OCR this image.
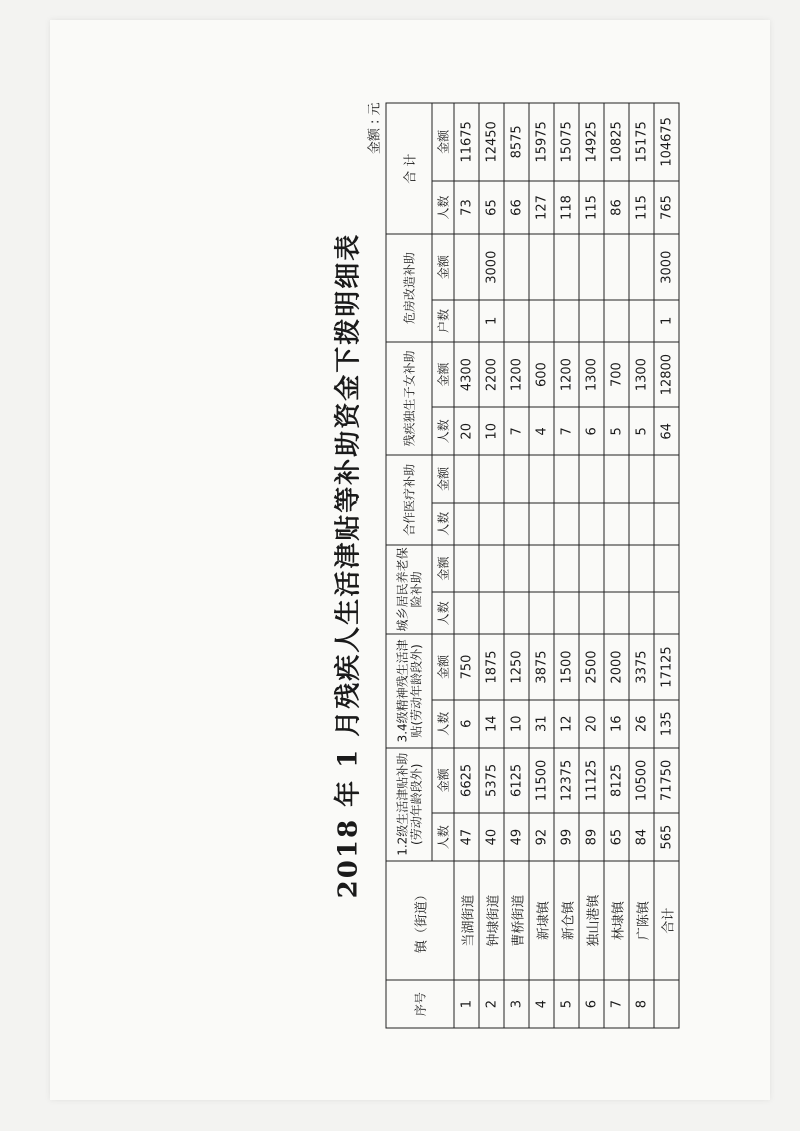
2018 年 1 月残疾人生活津贴等补助资金下拨明细表
金额 : 元
序号	镇（街道）	1.2级生活津贴补助(劳动年龄段外)		3.4级精神残生活津贴(劳动年龄段外)		城乡居民养老保险补助		合作医疗补助		残疾独生子女补助		危房改造补助		合 计	
		人数	金额	人数	金额	人数	金额	人数	金额	人数	金额	户数	金额	人数	金额
1	当湖街道	47	6625	6	750					20	4300			73	11675
2	钟埭街道	40	5375	14	1875					10	2200	1	3000	65	12450
3	曹桥街道	49	6125	10	1250					7	1200			66	8575
4	新埭镇	92	11500	31	3875					4	600			127	15975
5	新仓镇	99	12375	12	1500					7	1200			118	15075
6	独山港镇	89	11125	20	2500					6	1300			115	14925
7	林埭镇	65	8125	16	2000					5	700			86	10825
8	广陈镇	84	10500	26	3375					5	1300			115	15175
	合计	565	71750	135	17125					64	12800	1	3000	765	104675
